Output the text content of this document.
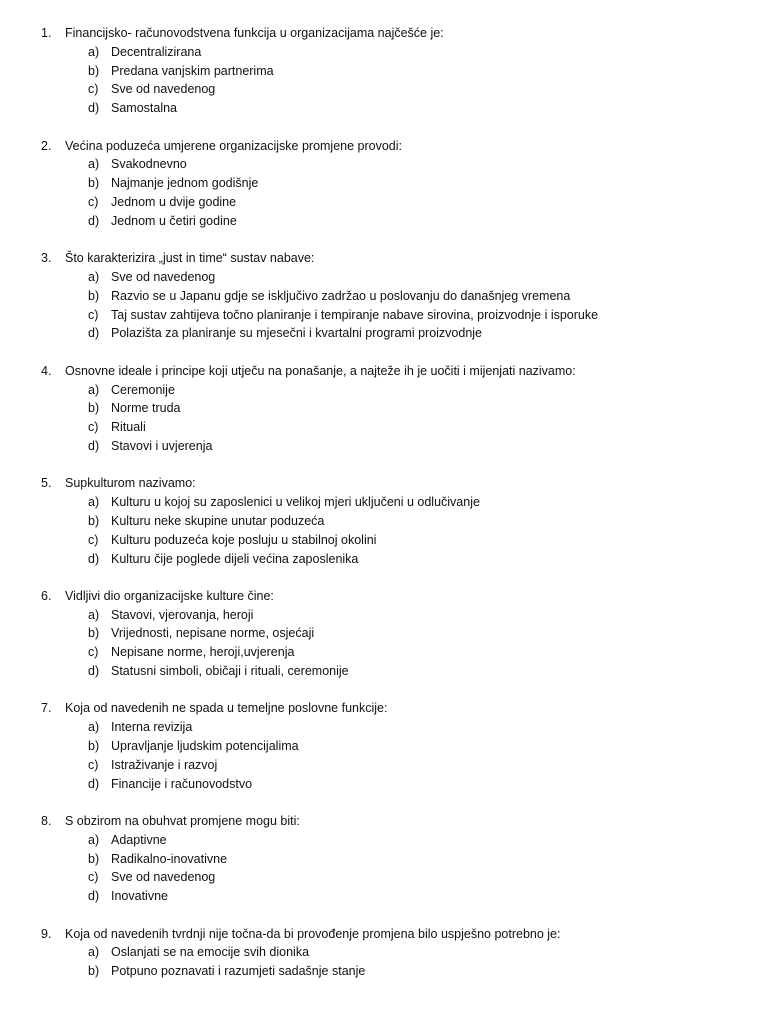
1. Financijsko- računovodstvena funkcija u organizacijama najčešće je:
a) Decentralizirana
b) Predana vanjskim partnerima
c) Sve od navedenog
d) Samostalna
2. Većina poduzeća umjerene organizacijske promjene provodi:
a) Svakodnevno
b) Najmanje jednom godišnje
c) Jednom u dvije godine
d) Jednom u četiri godine
3. Što karakterizira „just in time“ sustav nabave:
a) Sve od navedenog
b) Razvio se u Japanu gdje se isključivo zadržao u poslovanju do današnjeg vremena
c) Taj sustav zahtijeva točno planiranje i tempiranje nabave sirovina, proizvodnje i isporuke
d) Polazišta za planiranje su mjesečni i kvartalni programi proizvodnje
4. Osnovne ideale i principe koji utječu na ponašanje, a najteže ih je uočiti i mijenjati nazivamo:
a) Ceremonije
b) Norme truda
c) Rituali
d) Stavovi i uvjerenja
5. Supkulturom nazivamo:
a) Kulturu u kojoj su zaposlenici u velikoj mjeri uključeni u odlučivanje
b) Kulturu neke skupine unutar poduzeća
c) Kulturu poduzeća koje posluju u stabilnoj okolini
d) Kulturu čije poglede dijeli većina zaposlenika
6. Vidljivi dio organizacijske kulture čine:
a) Stavovi, vjerovanja, heroji
b) Vrijednosti, nepisane norme, osjećaji
c) Nepisane norme, heroji,uvjerenja
d) Statusni simboli, običaji i rituali, ceremonije
7. Koja od navedenih ne spada u temeljne poslovne funkcije:
a) Interna revizija
b) Upravljanje ljudskim potencijalima
c) Istraživanje i razvoj
d) Financije i računovodstvo
8. S obzirom na obuhvat promjene mogu biti:
a) Adaptivne
b) Radikalno-inovativne
c) Sve od navedenog
d) Inovativne
9. Koja od navedenih tvrdnji nije točna-da bi provođenje promjena bilo uspješno potrebno je:
a) Oslanjati se na emocije svih dionika
b) Potpuno poznavati i razumjeti sadašnje stanje
